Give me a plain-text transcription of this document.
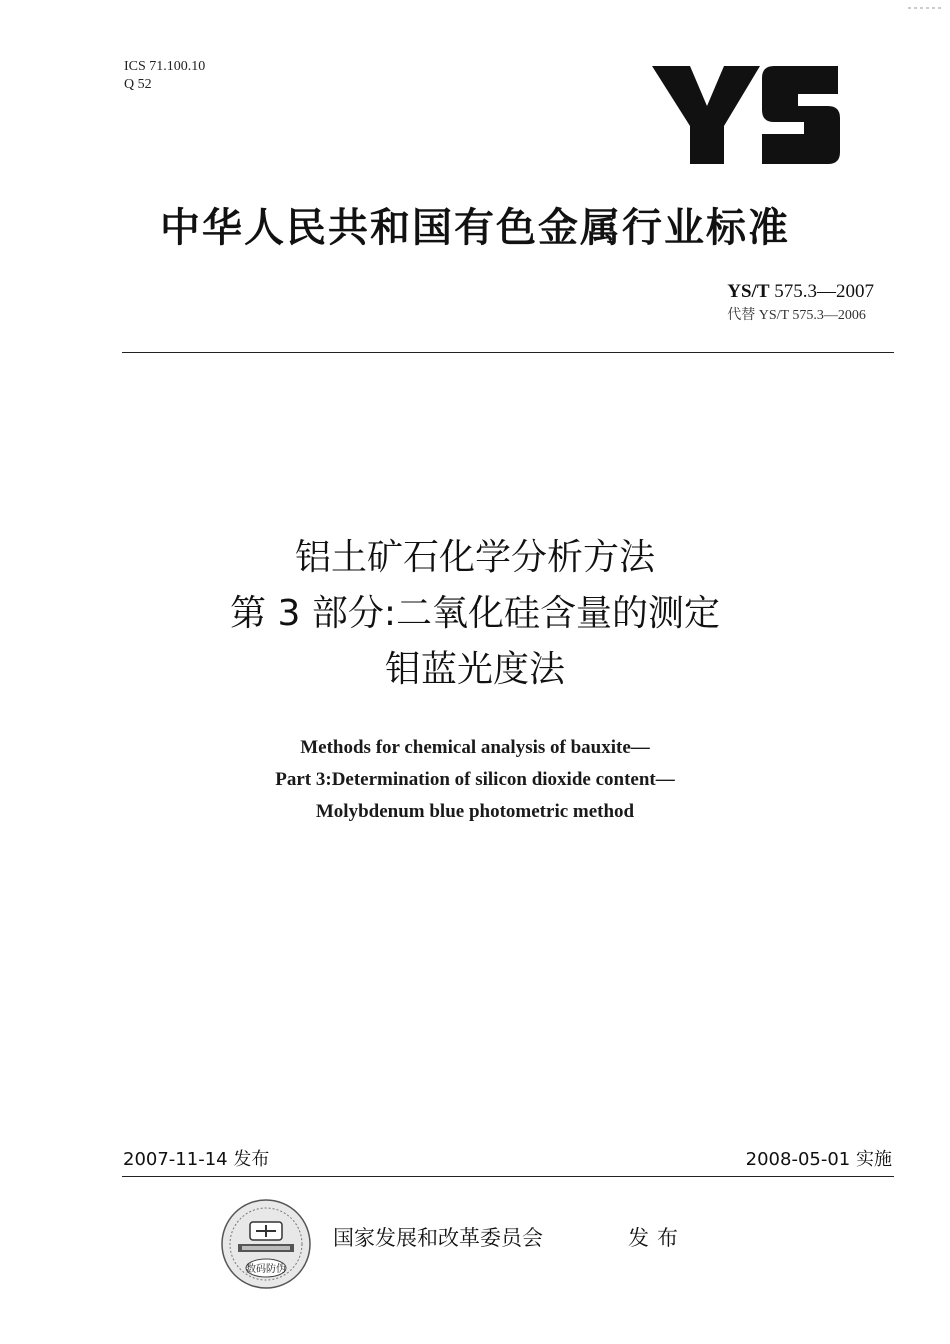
ICS 71.100.10
Q 52
中华人民共和国有色金属行业标准
YS/T 575.3—2007
代替 YS/T 575.3—2006
铝土矿石化学分析方法
第 3 部分:二氧化硅含量的测定
钼蓝光度法
Methods for chemical analysis of bauxite—
Part 3:Determination of silicon dioxide content—
Molybdenum blue photometric method
2007-11-14 发布	2008-05-01 实施
数码防伪
国家发展和改革委员会	发布
